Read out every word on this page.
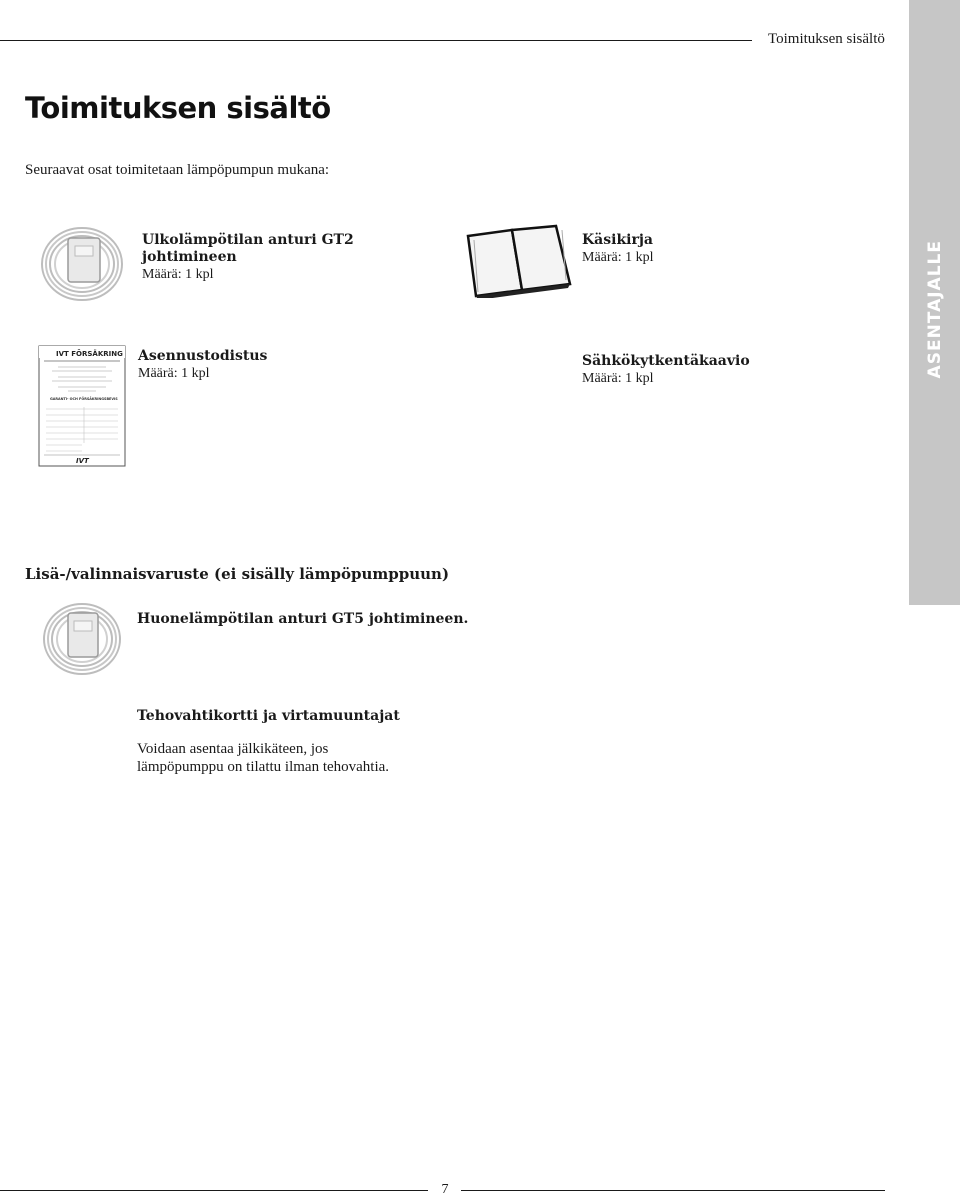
Toimituksen sisältö
ASENTAJALLE
Toimituksen sisältö
Seuraavat osat toimitetaan lämpöpumpun mukana:
Ulkolämpötilan anturi GT2
johtimineen
Määrä: 1 kpl
Käsikirja
Määrä: 1 kpl
IVT FÖRSÄKRING
GARANTI- OCH FÖRSÄKRINGSBEVIS
IVT
Asennustodistus
Määrä: 1 kpl
Sähkökytkentäkaavio
Määrä: 1 kpl
Lisä-/valinnaisvaruste (ei sisälly lämpöpumppuun)
Huonelämpötilan anturi GT5 johtimineen.
Tehovahtikortti ja virtamuuntajat
Voidaan asentaa jälkikäteen, jos
lämpöpumppu on tilattu ilman tehovahtia.
7
